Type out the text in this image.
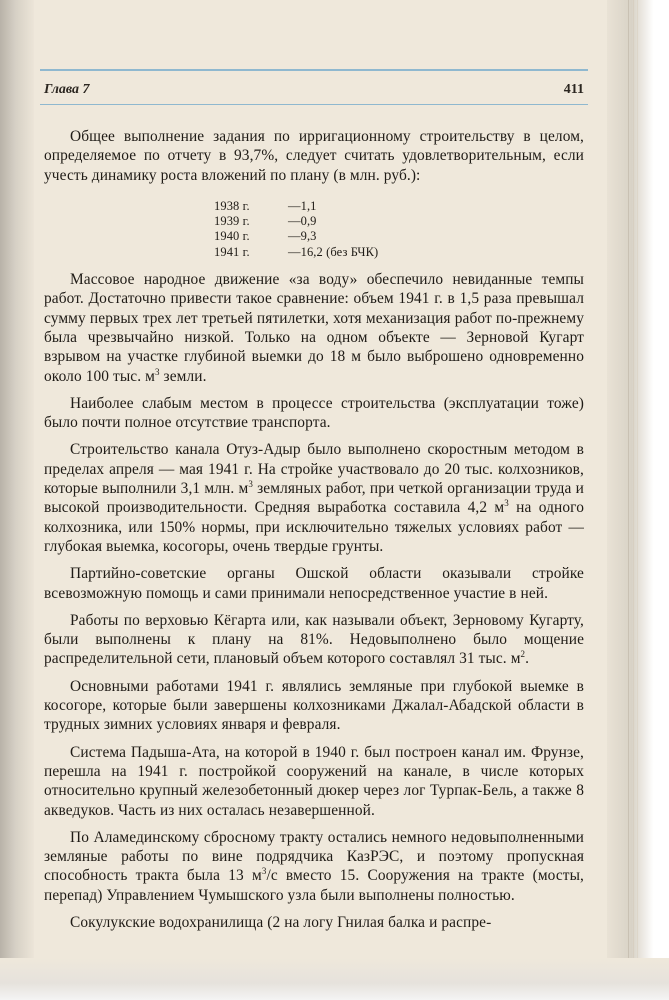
Глава 7	411

Общее выполнение задания по ирригационному строительству в целом, определяемое по отчету в 93,7%, следует считать удовлетворительным, если учесть динамику роста вложений по плану (в млн. руб.):

1938 г.	—1,1
1939 г.	—0,9
1940 г.	—9,3
1941 г.	—16,2 (без БЧК)

Массовое народное движение «за воду» обеспечило невиданные темпы работ. Достаточно привести такое сравнение: объем 1941 г. в 1,5 раза превышал сумму первых трех лет третьей пятилетки, хотя механизация работ по-прежнему была чрезвычайно низкой. Только на одном объекте — Зерновой Кугарт взрывом на участке глубиной выемки до 18 м было выброшено одновременно около 100 тыс. $м^3$ земли.

Наиболее слабым местом в процессе строительства (эксплуатации тоже) было почти полное отсутствие транспорта.

Строительство канала Отуз-Адыр было выполнено скоростным методом в пределах апреля — мая 1941 г. На стройке участвовало до 20 тыс. колхозников, которые выполнили 3,1 млн. $м^3$ земляных работ, при четкой организации труда и высокой производительности. Средняя выработка составила 4,2 $м^3$ на одного колхозника, или 150% нормы, при исключительно тяжелых условиях работ — глубокая выемка, косогоры, очень твердые грунты.

Партийно-советские органы Ошской области оказывали стройке всевозможную помощь и сами принимали непосредственное участие в ней.

Работы по верховью Кёгарта или, как называли объект, Зерновому Кугарту, были выполнены к плану на 81%. Недовыполнено было мощение распределительной сети, плановый объем которого составлял 31 тыс. $м^2$.

Основными работами 1941 г. являлись земляные при глубокой выемке в косогоре, которые были завершены колхозниками Джалал-Абадской области в трудных зимних условиях января и февраля.

Система Падыша-Ата, на которой в 1940 г. был построен канал им. Фрунзе, перешла на 1941 г. постройкой сооружений на канале, в числе которых относительно крупный железобетонный дюкер через лог Турпак-Бель, а также 8 акведуков. Часть из них осталась незавершенной.

По Аламединскому сбросному тракту остались немного недовыполненными земляные работы по вине подрядчика КазРЭС, и поэтому пропускная способность тракта была 13 $м^3/с$ вместо 15. Сооружения на тракте (мосты, перепад) Управлением Чумышского узла были выполнены полностью.

Сокулукские водохранилища (2 на логу Гнилая балка и распре-
